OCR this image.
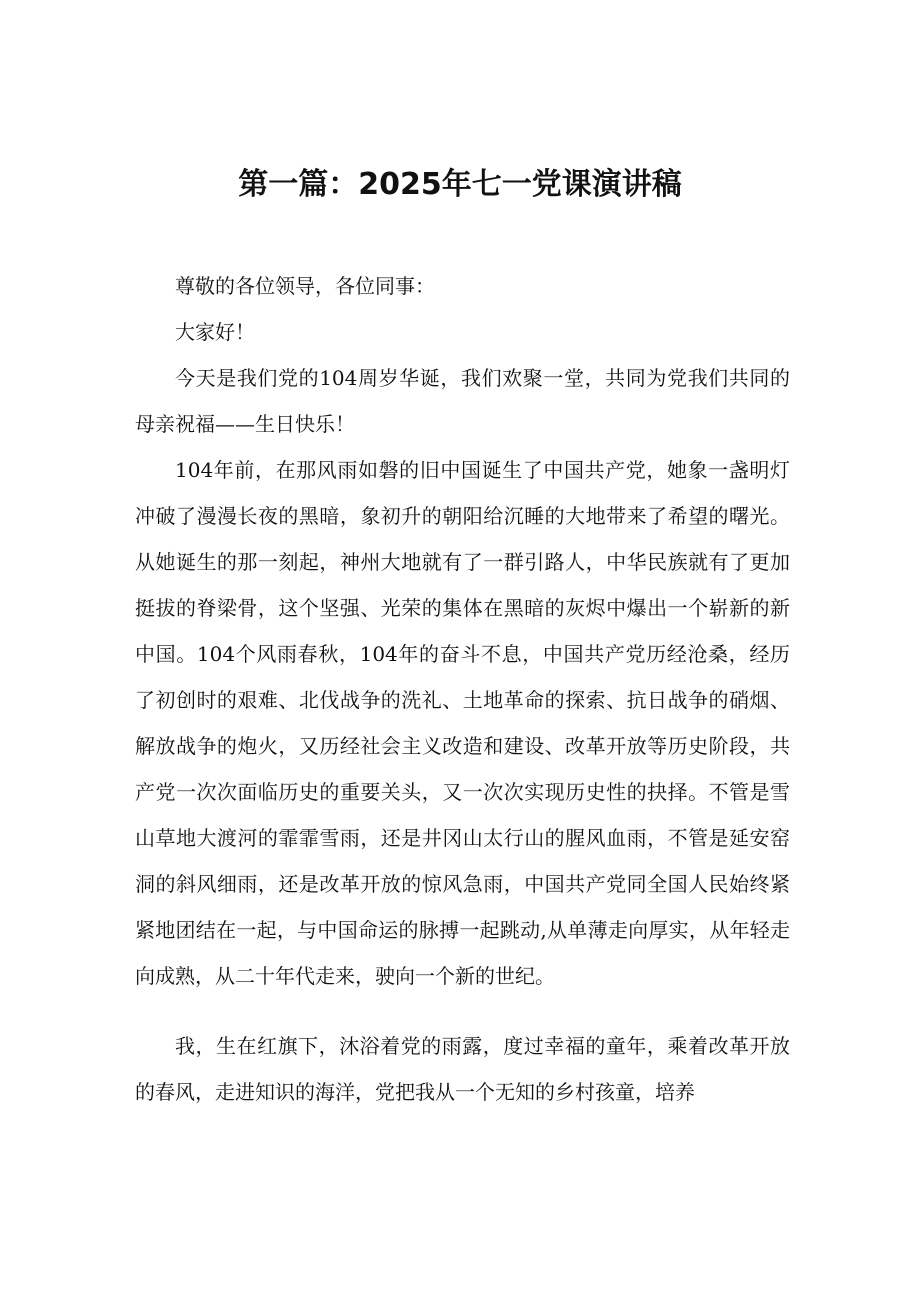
第一篇：2025年七一党课演讲稿

尊敬的各位领导，各位同事：

大家好！

今天是我们党的104周岁华诞，我们欢聚一堂，共同为党我们共同的母亲祝福——生日快乐！

104年前，在那风雨如磐的旧中国诞生了中国共产党，她象一盏明灯冲破了漫漫长夜的黑暗，象初升的朝阳给沉睡的大地带来了希望的曙光。从她诞生的那一刻起，神州大地就有了一群引路人，中华民族就有了更加挺拔的脊梁骨，这个坚强、光荣的集体在黑暗的灰烬中爆出一个崭新的新中国。104个风雨春秋，104年的奋斗不息，中国共产党历经沧桑，经历了初创时的艰难、北伐战争的洗礼、土地革命的探索、抗日战争的硝烟、解放战争的炮火，又历经社会主义改造和建设、改革开放等历史阶段，共产党一次次面临历史的重要关头，又一次次实现历史性的抉择。不管是雪山草地大渡河的霏霏雪雨，还是井冈山太行山的腥风血雨，不管是延安窑洞的斜风细雨，还是改革开放的惊风急雨，中国共产党同全国人民始终紧紧地团结在一起，与中国命运的脉搏一起跳动,从单薄走向厚实，从年轻走向成熟，从二十年代走来，驶向一个新的世纪。

我，生在红旗下，沐浴着党的雨露，度过幸福的童年，乘着改革开放的春风，走进知识的海洋，党把我从一个无知的乡村孩童，培养
